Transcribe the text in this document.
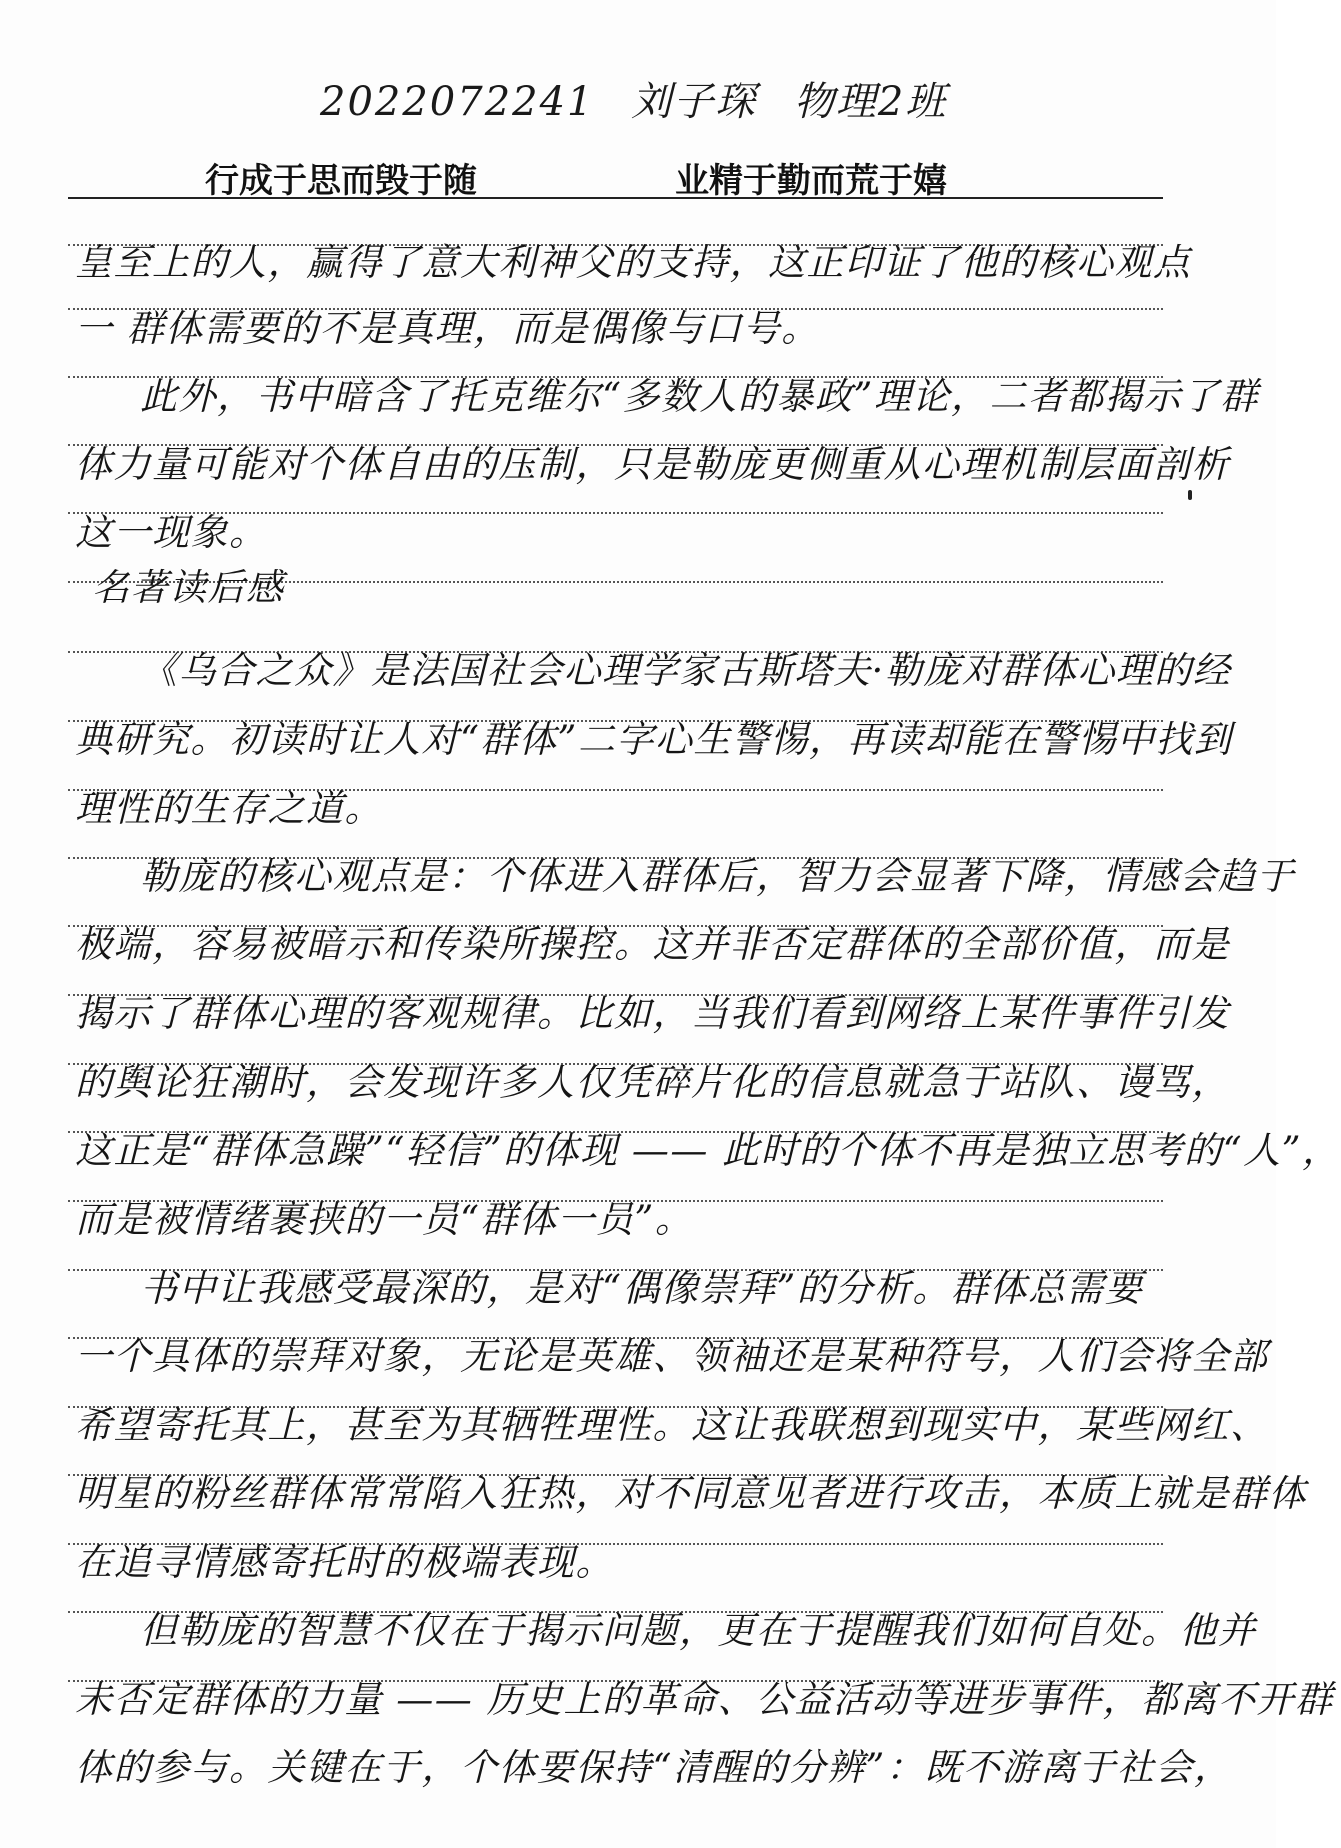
2022072241 刘子琛 物理2班
行成于思而毁于随	业精于勤而荒于嬉
皇至上的人，赢得了意大利神父的支持，这正印证了他的核心观点
一 群体需要的不是真理，而是偶像与口号。
此外，书中暗含了托克维尔“多数人的暴政”理论，二者都揭示了群
体力量可能对个体自由的压制，只是勒庞更侧重从心理机制层面剖析
这一现象。
名著读后感
《乌合之众》是法国社会心理学家古斯塔夫·勒庞对群体心理的经
典研究。初读时让人对“群体”二字心生警惕，再读却能在警惕中找到
理性的生存之道。
勒庞的核心观点是：个体进入群体后，智力会显著下降，情感会趋于
极端，容易被暗示和传染所操控。这并非否定群体的全部价值，而是
揭示了群体心理的客观规律。比如，当我们看到网络上某件事件引发
的舆论狂潮时，会发现许多人仅凭碎片化的信息就急于站队、谩骂，
这正是“群体急躁”“轻信”的体现 —— 此时的个体不再是独立思考的“人”，
而是被情绪裹挟的一员“群体一员”。
书中让我感受最深的，是对“偶像崇拜”的分析。群体总需要
一个具体的崇拜对象，无论是英雄、领袖还是某种符号，人们会将全部
希望寄托其上，甚至为其牺牲理性。这让我联想到现实中，某些网红、
明星的粉丝群体常常陷入狂热，对不同意见者进行攻击，本质上就是群体
在追寻情感寄托时的极端表现。
但勒庞的智慧不仅在于揭示问题，更在于提醒我们如何自处。他并
未否定群体的力量 —— 历史上的革命、公益活动等进步事件，都离不开群
体的参与。关键在于，个体要保持“清醒的分辨”：既不游离于社会，
